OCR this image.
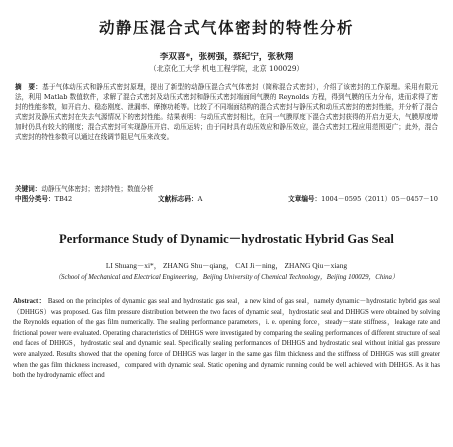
动静压混合式气体密封的特性分析
李双喜*，张树强，蔡纪宁，张秋翔
（北京化工大学 机电工程学院，北京 100029）
摘　要：基于气体动压式和静压式密封原理，提出了新型的动静压混合式气体密封（简称混合式密封），介绍了该密封的工作原理。采用有限元法，利用 Matlab 数值软件，求解了混合式密封及动压式密封和静压式密封端面间气膜的 Reynolds 方程，得到气膜的压力分布，进而求得了密封的性能参数，如开启力、稳态刚度、泄漏率、摩擦功耗等。比较了不同端面结构的混合式密封与静压式和动压式密封的密封性能，并分析了混合式密封及静压式密封在失去气源情况下的密封性能。结果表明：与动压式密封相比，在同一气膜厚度下混合式密封获得的开启力更大，气膜厚度增加时仍具有较大的刚度；混合式密封可实现静压开启、动压运转；由于同时具有动压效应和静压效应，混合式密封工程应用范围更广；此外，混合式密封的特性参数可以通过在线调节阻尼气压来改变。
关键词：动静压气体密封；密封特性；数值分析
中图分类号：TB42	文献标志码：A	文章编号：1004－0595（2011）05－0457－10
Performance Study of Dynamic－hydrostatic Hybrid Gas Seal
LI Shuang－xi*， ZHANG Shu－qiang， CAI Ji－ning， ZHANG Qiu－xiang
（School of Mechanical and Electrical Engineering，Beijing University of Chemical Technology，Beijing 100029，China）
Abstract： Based on the principles of dynamic gas seal and hydrostatic gas seal，a new kind of gas seal，namely dynamic－hydrostatic hybrid gas seal（DHHGS）was proposed. Gas film pressure distribution between the two faces of dynamic seal，hydrostatic seal and DHHGS were obtained by solving the Reynolds equation of the gas film numerically. The sealing performance parameters，i. e. opening force，steady－state stiffness，leakage rate and frictional power were evaluated. Operating characteristics of DHHGS were investigated by comparing the sealing performances of different structure of seal end faces of DHHGS，hydrostatic seal and dynamic seal. Specifically sealing performances of DHHGS and hydrostatic seal without initial gas pressure were analyzed. Results showed that the opening force of DHHGS was larger in the same gas film thickness and the stiffness of DHHGS was still greater when the gas film thickness increased，compared with dynamic seal. Static opening and dynamic running could be well achieved with DHHGS. As it has both the hydrodynamic effect and
